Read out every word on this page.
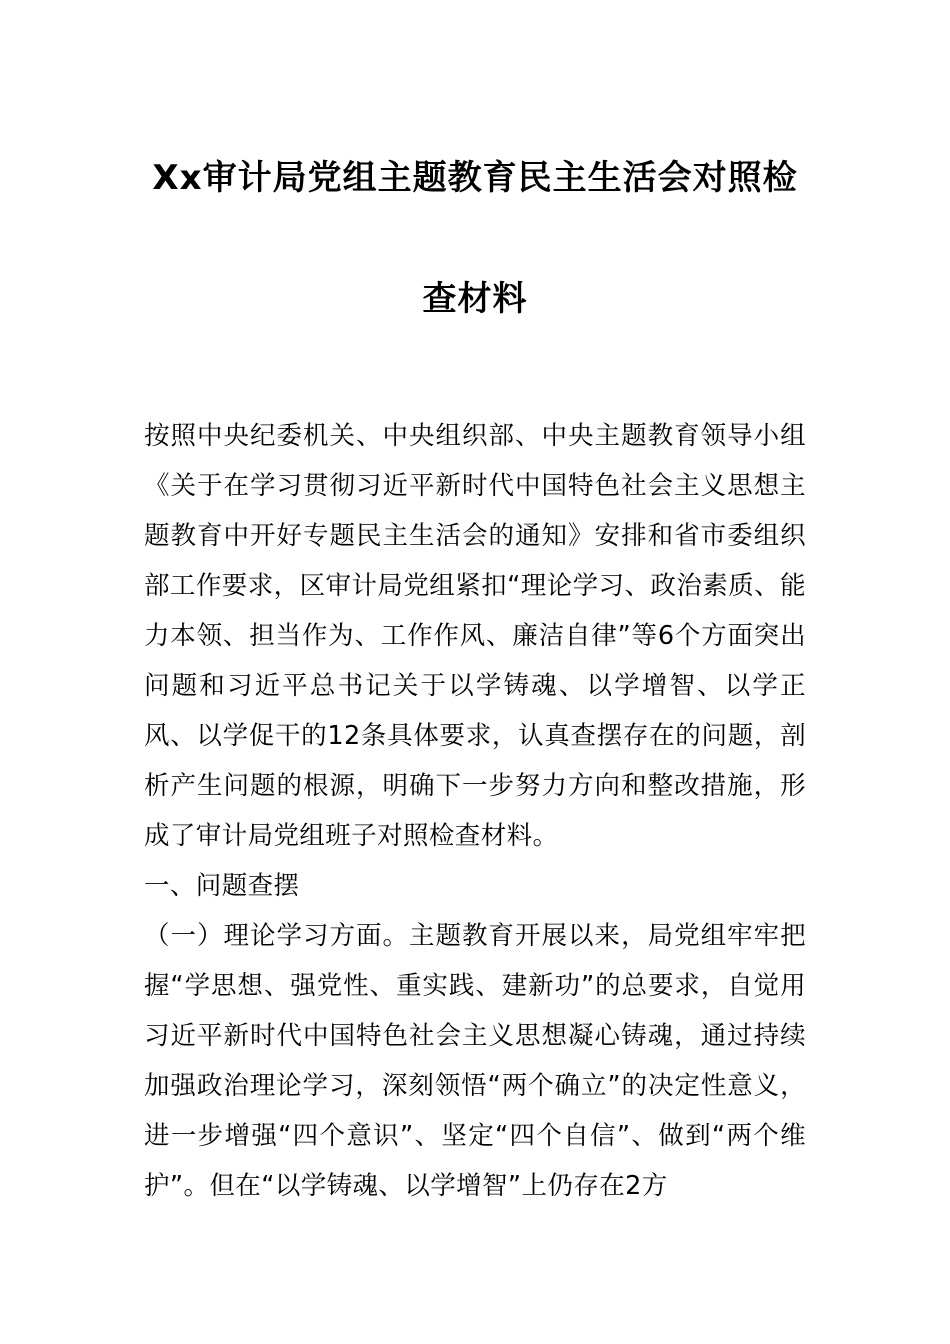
Xx审计局党组主题教育民主生活会对照检
查材料

按照中央纪委机关、中央组织部、中央主题教育领导小组《关于在学习贯彻习近平新时代中国特色社会主义思想主题教育中开好专题民主生活会的通知》安排和省市委组织部工作要求，区审计局党组紧扣“理论学习、政治素质、能力本领、担当作为、工作作风、廉洁自律”等6个方面突出问题和习近平总书记关于以学铸魂、以学增智、以学正风、以学促干的12条具体要求，认真查摆存在的问题，剖析产生问题的根源，明确下一步努力方向和整改措施，形成了审计局党组班子对照检查材料。

一、问题查摆

（一）理论学习方面。主题教育开展以来，局党组牢牢把握“学思想、强党性、重实践、建新功”的总要求，自觉用习近平新时代中国特色社会主义思想凝心铸魂，通过持续加强政治理论学习，深刻领悟“两个确立”的决定性意义，进一步增强“四个意识”、坚定“四个自信”、做到“两个维护”。但在“以学铸魂、以学增智”上仍存在2方
